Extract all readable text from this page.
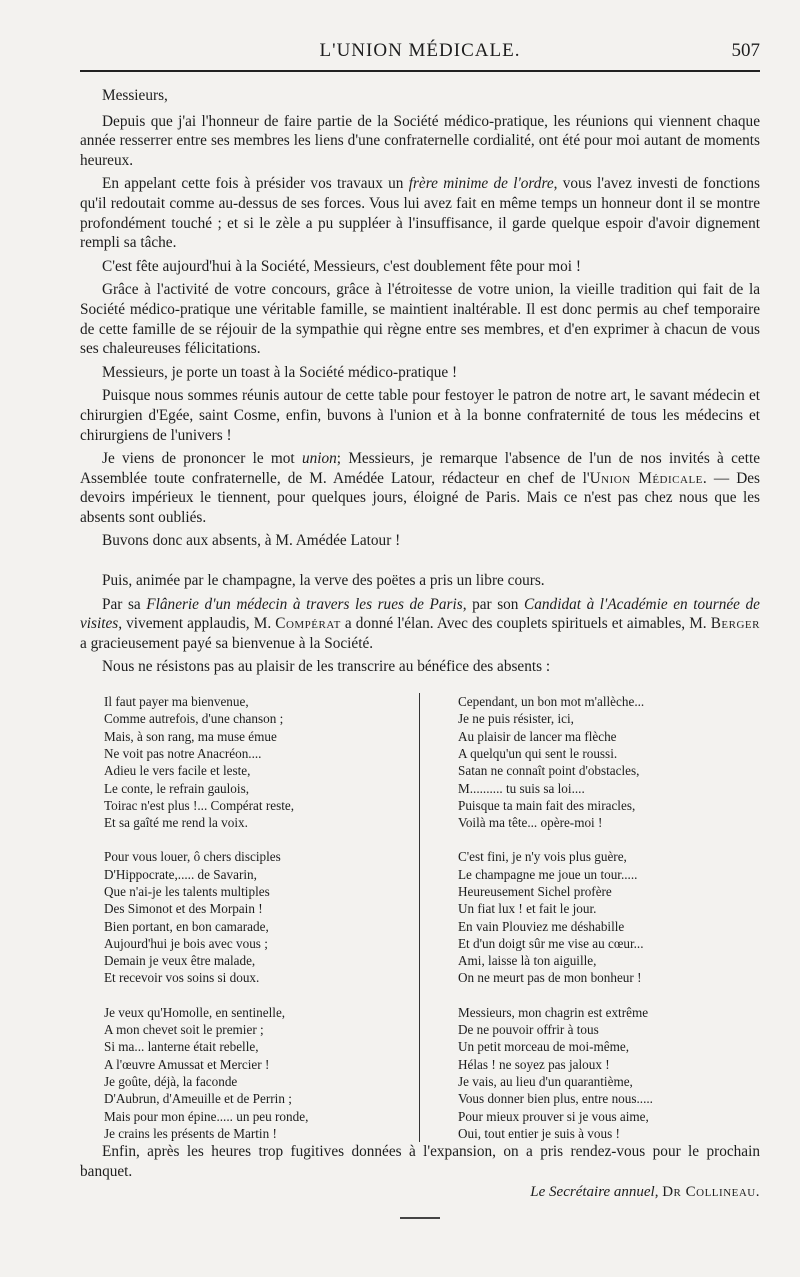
L'UNION MÉDICALE.	507

Messieurs,

Depuis que j'ai l'honneur de faire partie de la Société médico-pratique, les réunions qui viennent chaque année resserrer entre ses membres les liens d'une confraternelle cordialité, ont été pour moi autant de moments heureux.

En appelant cette fois à présider vos travaux un frère minime de l'ordre, vous l'avez investi de fonctions qu'il redoutait comme au-dessus de ses forces. Vous lui avez fait en même temps un honneur dont il se montre profondément touché ; et si le zèle a pu suppléer à l'insuffisance, il garde quelque espoir d'avoir dignement rempli sa tâche.

C'est fête aujourd'hui à la Société, Messieurs, c'est doublement fête pour moi !

Grâce à l'activité de votre concours, grâce à l'étroitesse de votre union, la vieille tradition qui fait de la Société médico-pratique une véritable famille, se maintient inaltérable. Il est donc permis au chef temporaire de cette famille de se réjouir de la sympathie qui règne entre ses membres, et d'en exprimer à chacun de vous ses chaleureuses félicitations.

Messieurs, je porte un toast à la Société médico-pratique !

Puisque nous sommes réunis autour de cette table pour festoyer le patron de notre art, le savant médecin et chirurgien d'Egée, saint Cosme, enfin, buvons à l'union et à la bonne confraternité de tous les médecins et chirurgiens de l'univers !

Je viens de prononcer le mot union; Messieurs, je remarque l'absence de l'un de nos invités à cette Assemblée toute confraternelle, de M. Amédée Latour, rédacteur en chef de l'Union Médicale. — Des devoirs impérieux le tiennent, pour quelques jours, éloigné de Paris. Mais ce n'est pas chez nous que les absents sont oubliés.

Buvons donc aux absents, à M. Amédée Latour !

Puis, animée par le champagne, la verve des poëtes a pris un libre cours.

Par sa Flânerie d'un médecin à travers les rues de Paris, par son Candidat à l'Académie en tournée de visites, vivement applaudis, M. Compérat a donné l'élan. Avec des couplets spirituels et aimables, M. Berger a gracieusement payé sa bienvenue à la Société.

Nous ne résistons pas au plaisir de les transcrire au bénéfice des absents :

Il faut payer ma bienvenue,
Comme autrefois, d'une chanson ;
Mais, à son rang, ma muse émue
Ne voit pas notre Anacréon....
Adieu le vers facile et leste,
Le conte, le refrain gaulois,
Toirac n'est plus !... Compérat reste,
Et sa gaîté me rend la voix.
Pour vous louer, ô chers disciples
D'Hippocrate,..... de Savarin,
Que n'ai-je les talents multiples
Des Simonot et des Morpain !
Bien portant, en bon camarade,
Aujourd'hui je bois avec vous ;
Demain je veux être malade,
Et recevoir vos soins si doux.
Je veux qu'Homolle, en sentinelle,
A mon chevet soit le premier ;
Si ma... lanterne était rebelle,
A l'œuvre Amussat et Mercier !
Je goûte, déjà, la faconde
D'Aubrun, d'Ameuille et de Perrin ;
Mais pour mon épine..... un peu ronde,
Je crains les présents de Martin !
Cependant, un bon mot m'allèche...
Je ne puis résister, ici,
Au plaisir de lancer ma flèche
A quelqu'un qui sent le roussi.
Satan ne connaît point d'obstacles,
M.......... tu suis sa loi....
Puisque ta main fait des miracles,
Voilà ma tête... opère-moi !
C'est fini, je n'y vois plus guère,
Le champagne me joue un tour.....
Heureusement Sichel profère
Un fiat lux ! et fait le jour.
En vain Plouviez me déshabille
Et d'un doigt sûr me vise au cœur...
Ami, laisse là ton aiguille,
On ne meurt pas de mon bonheur !
Messieurs, mon chagrin est extrême
De ne pouvoir offrir à tous
Un petit morceau de moi-même,
Hélas ! ne soyez pas jaloux !
Je vais, au lieu d'un quarantième,
Vous donner bien plus, entre nous.....
Pour mieux prouver si je vous aime,
Oui, tout entier je suis à vous !

Enfin, après les heures trop fugitives données à l'expansion, on a pris rendez-vous pour le prochain banquet.

Le Secrétaire annuel, Dr Collineau.
